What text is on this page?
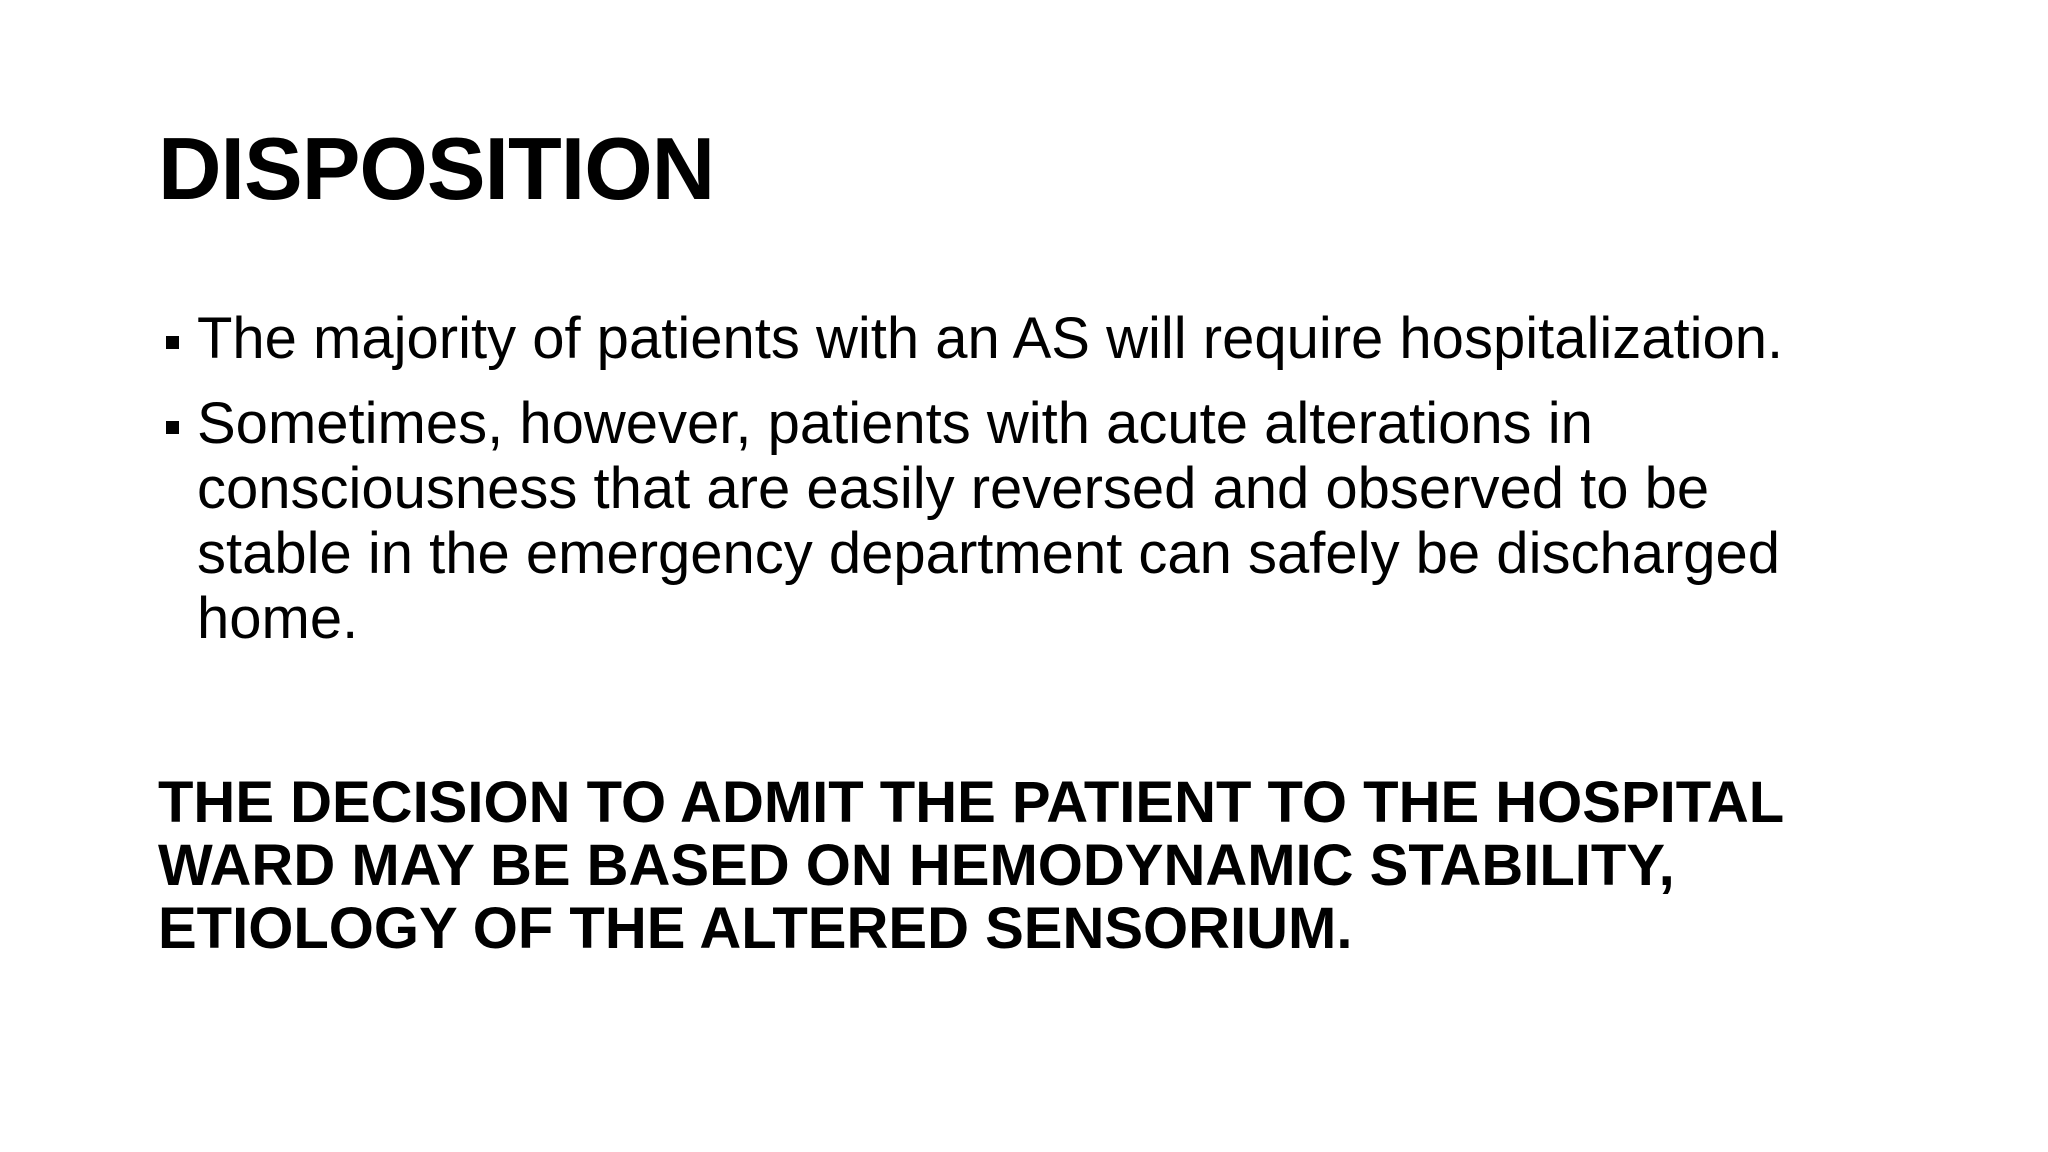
DISPOSITION
The majority of patients with an AS will require hospitalization.
Sometimes, however, patients with acute alterations in consciousness that are easily reversed and observed to be stable in the emergency department can safely be discharged home.

THE DECISION TO ADMIT THE PATIENT TO THE HOSPITAL WARD MAY BE BASED ON HEMODYNAMIC STABILITY, ETIOLOGY OF THE ALTERED SENSORIUM.
